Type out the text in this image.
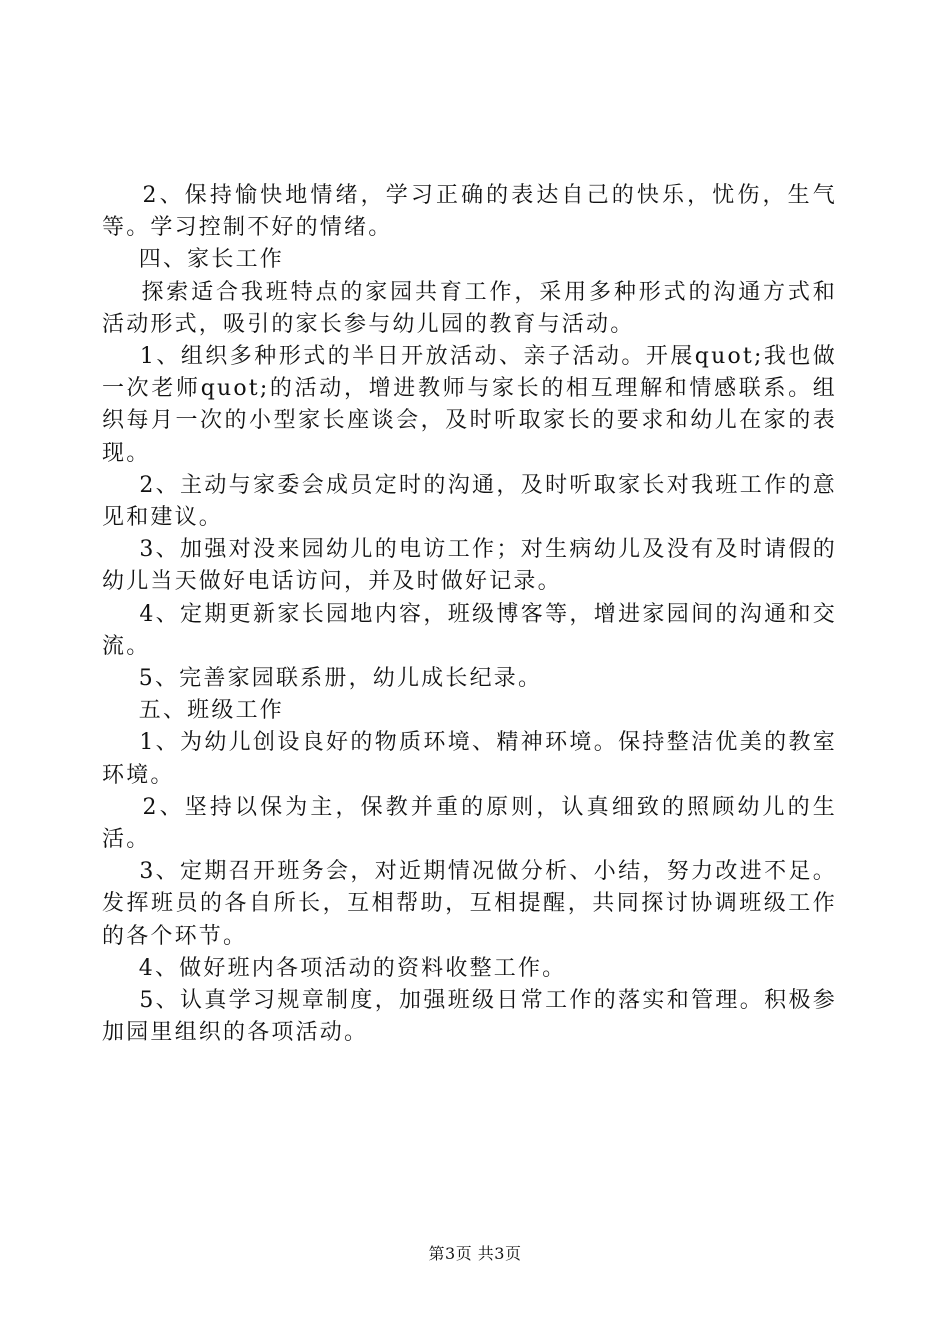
2、保持愉快地情绪，学习正确的表达自己的快乐，忧伤，生气等。学习控制不好的情绪。

四、家长工作

探索适合我班特点的家园共育工作，采用多种形式的沟通方式和活动形式，吸引的家长参与幼儿园的教育与活动。

1、组织多种形式的半日开放活动、亲子活动。开展quot;我也做一次老师quot;的活动，增进教师与家长的相互理解和情感联系。组织每月一次的小型家长座谈会，及时听取家长的要求和幼儿在家的表现。

2、主动与家委会成员定时的沟通，及时听取家长对我班工作的意见和建议。

3、加强对没来园幼儿的电访工作；对生病幼儿及没有及时请假的幼儿当天做好电话访问，并及时做好记录。

4、定期更新家长园地内容，班级博客等，增进家园间的沟通和交流。

5、完善家园联系册，幼儿成长纪录。

五、班级工作

1、为幼儿创设良好的物质环境、精神环境。保持整洁优美的教室环境。

2、坚持以保为主，保教并重的原则，认真细致的照顾幼儿的生活。

3、定期召开班务会，对近期情况做分析、小结，努力改进不足。发挥班员的各自所长，互相帮助，互相提醒，共同探讨协调班级工作的各个环节。

4、做好班内各项活动的资料收整工作。

5、认真学习规章制度，加强班级日常工作的落实和管理。积极参加园里组织的各项活动。

第3页 共3页
